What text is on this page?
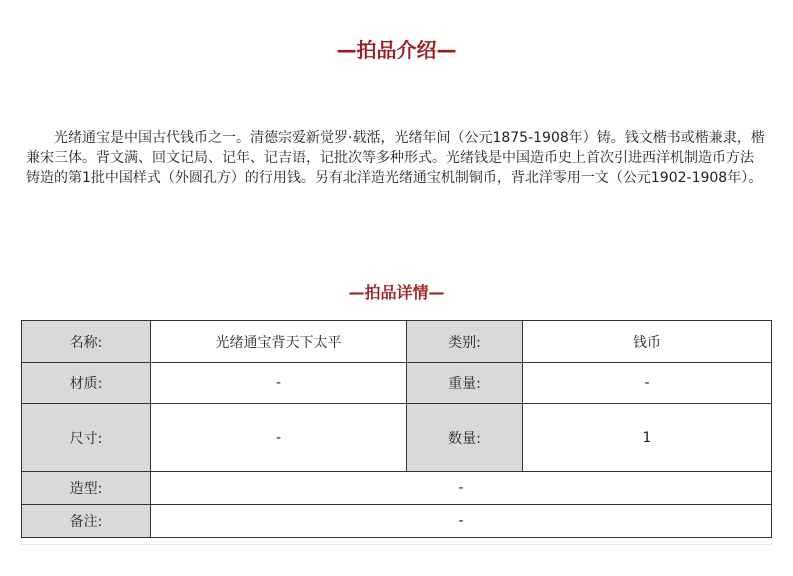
—拍品介绍—

光绪通宝是中国古代钱币之一。清德宗爱新觉罗·载湉，光绪年间（公元1875-1908年）铸。钱文楷书或楷兼隶，楷兼宋三体。背文满、回文记局、记年、记吉语，记批次等多种形式。光绪钱是中国造币史上首次引进西洋机制造币方法铸造的第1批中国样式（外圆孔方）的行用钱。另有北洋造光绪通宝机制铜币，背北洋零用一文（公元1902-1908年）。

—拍品详情—
名称:	光绪通宝背天下太平	类别:	钱币
材质:	-	重量:	-
尺寸:	-	数量:	1
造型:	-		
备注:	-		
